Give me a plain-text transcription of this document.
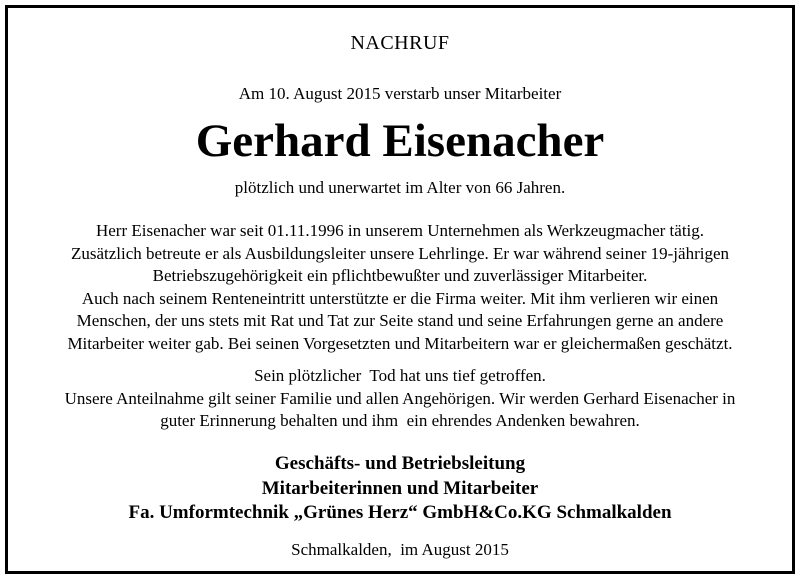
NACHRUF
Am 10. August 2015 verstarb unser Mitarbeiter
Gerhard Eisenacher
plötzlich und unerwartet im Alter von 66 Jahren.
Herr Eisenacher war seit 01.11.1996 in unserem Unternehmen als Werkzeugmacher tätig.
Zusätzlich betreute er als Ausbildungsleiter unsere Lehrlinge. Er war während seiner 19-jährigen
Betriebszugehörigkeit ein pflichtbewußter und zuverlässiger Mitarbeiter.
Auch nach seinem Renteneintritt unterstützte er die Firma weiter. Mit ihm verlieren wir einen
Menschen, der uns stets mit Rat und Tat zur Seite stand und seine Erfahrungen gerne an andere
Mitarbeiter weiter gab. Bei seinen Vorgesetzten und Mitarbeitern war er gleichermaßen geschätzt.
Sein plötzlicher  Tod hat uns tief getroffen.
Unsere Anteilnahme gilt seiner Familie und allen Angehörigen. Wir werden Gerhard Eisenacher in
guter Erinnerung behalten und ihm  ein ehrendes Andenken bewahren.
Geschäfts- und Betriebsleitung
Mitarbeiterinnen und Mitarbeiter
Fa. Umformtechnik „Grünes Herz“ GmbH&Co.KG Schmalkalden
Schmalkalden,  im August 2015
